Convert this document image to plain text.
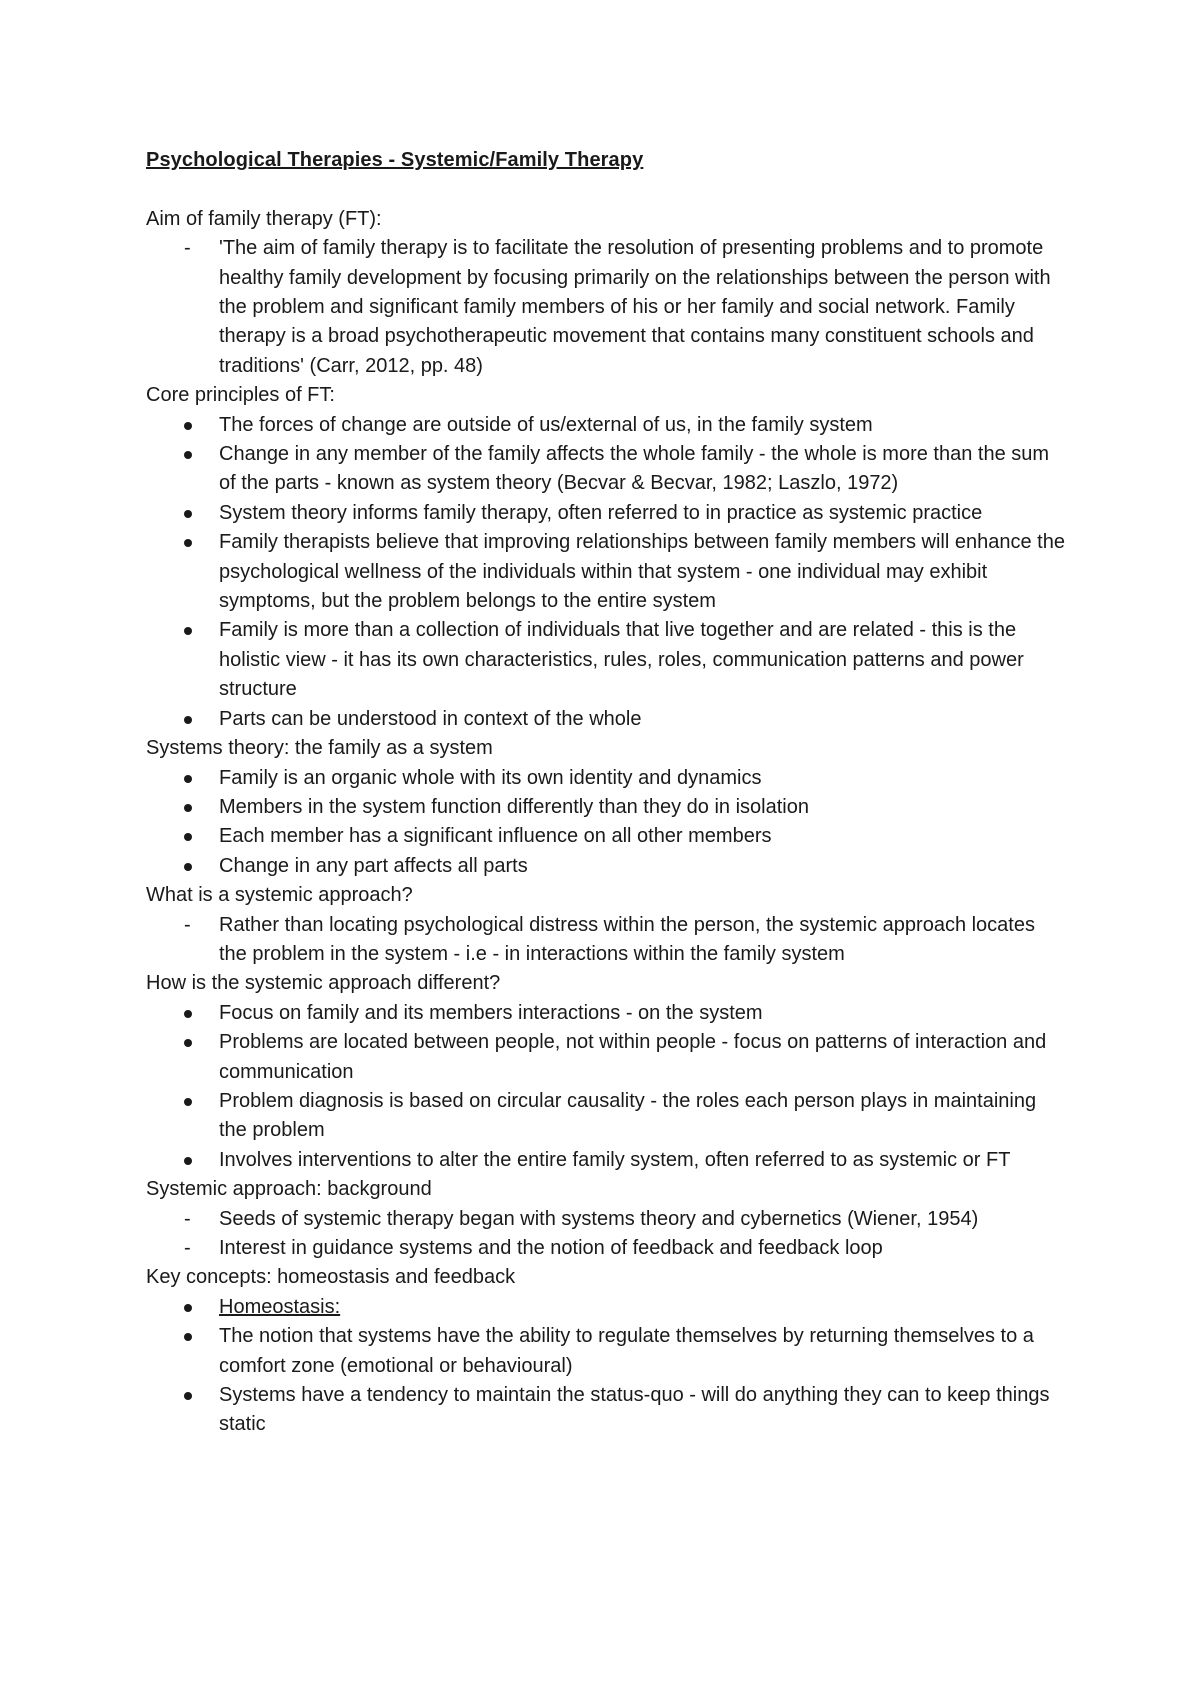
Psychological Therapies - Systemic/Family Therapy

Aim of family therapy (FT):

- 'The aim of family therapy is to facilitate the resolution of presenting problems and to promote healthy family development by focusing primarily on the relationships between the person with the problem and significant family members of his or her family and social network. Family therapy is a broad psychotherapeutic movement that contains many constituent schools and traditions' (Carr, 2012, pp. 48)

Core principles of FT:

The forces of change are outside of us/external of us, in the family system
Change in any member of the family affects the whole family - the whole is more than the sum of the parts - known as system theory (Becvar & Becvar, 1982; Laszlo, 1972)
System theory informs family therapy, often referred to in practice as systemic practice
Family therapists believe that improving relationships between family members will enhance the psychological wellness of the individuals within that system - one individual may exhibit symptoms, but the problem belongs to the entire system
Family is more than a collection of individuals that live together and are related - this is the holistic view - it has its own characteristics, rules, roles, communication patterns and power structure
Parts can be understood in context of the whole

Systems theory: the family as a system

Family is an organic whole with its own identity and dynamics
Members in the system function differently than they do in isolation
Each member has a significant influence on all other members
Change in any part affects all parts

What is a systemic approach?

- Rather than locating psychological distress within the person, the systemic approach locates the problem in the system - i.e - in interactions within the family system

How is the systemic approach different?

Focus on family and its members interactions - on the system
Problems are located between people, not within people - focus on patterns of interaction and communication
Problem diagnosis is based on circular causality - the roles each person plays in maintaining the problem
Involves interventions to alter the entire family system, often referred to as systemic or FT

Systemic approach: background

- Seeds of systemic therapy began with systems theory and cybernetics (Wiener, 1954)
- Interest in guidance systems and the notion of feedback and feedback loop

Key concepts: homeostasis and feedback

Homeostasis:
The notion that systems have the ability to regulate themselves by returning themselves to a comfort zone (emotional or behavioural)
Systems have a tendency to maintain the status-quo - will do anything they can to keep things static
